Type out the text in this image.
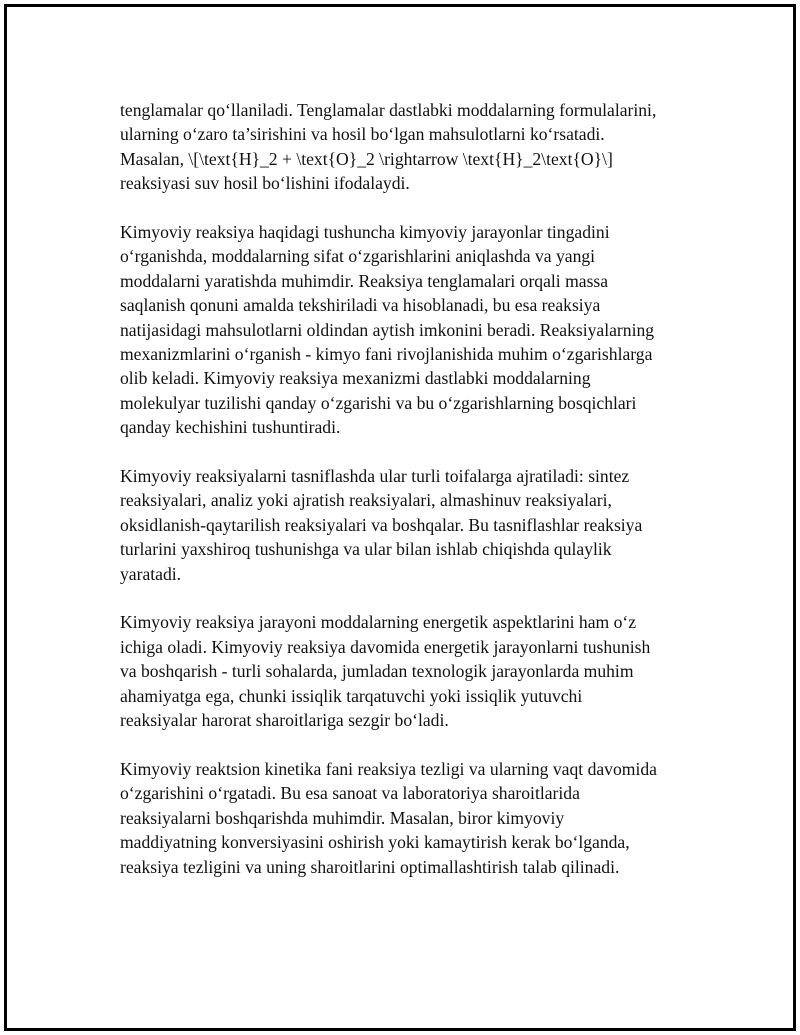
tenglamalar qo‘llaniladi. Tenglamalar dastlabki moddalarning formulalarini,
ularning o‘zaro ta’sirishini va hosil bo‘lgan mahsulotlarni ko‘rsatadi.
Masalan, \[\text{H}_2 + \text{O}_2 \rightarrow \text{H}_2\text{O}\]
reaksiyasi suv hosil bo‘lishini ifodalaydi.

Kimyoviy reaksiya haqidagi tushuncha kimyoviy jarayonlar tingadini
o‘rganishda, moddalarning sifat o‘zgarishlarini aniqlashda va yangi
moddalarni yaratishda muhimdir. Reaksiya tenglamalari orqali massa
saqlanish qonuni amalda tekshiriladi va hisoblanadi, bu esa reaksiya
natijasidagi mahsulotlarni oldindan aytish imkonini beradi. Reaksiyalarning
mexanizmlarini o‘rganish - kimyo fani rivojlanishida muhim o‘zgarishlarga
olib keladi. Kimyoviy reaksiya mexanizmi dastlabki moddalarning
molekulyar tuzilishi qanday o‘zgarishi va bu o‘zgarishlarning bosqichlari
qanday kechishini tushuntiradi.

Kimyoviy reaksiyalarni tasniflashda ular turli toifalarga ajratiladi: sintez
reaksiyalari, analiz yoki ajratish reaksiyalari, almashinuv reaksiyalari,
oksidlanish-qaytarilish reaksiyalari va boshqalar. Bu tasniflashlar reaksiya
turlarini yaxshiroq tushunishga va ular bilan ishlab chiqishda qulaylik
yaratadi.

Kimyoviy reaksiya jarayoni moddalarning energetik aspektlarini ham o‘z
ichiga oladi. Kimyoviy reaksiya davomida energetik jarayonlarni tushunish
va boshqarish - turli sohalarda, jumladan texnologik jarayonlarda muhim
ahamiyatga ega, chunki issiqlik tarqatuvchi yoki issiqlik yutuvchi
reaksiyalar harorat sharoitlariga sezgir bo‘ladi.

Kimyoviy reaktsion kinetika fani reaksiya tezligi va ularning vaqt davomida
o‘zgarishini o‘rgatadi. Bu esa sanoat va laboratoriya sharoitlarida
reaksiyalarni boshqarishda muhimdir. Masalan, biror kimyoviy
maddiyatning konversiyasini oshirish yoki kamaytirish kerak bo‘lganda,
reaksiya tezligini va uning sharoitlarini optimallashtirish talab qilinadi.
